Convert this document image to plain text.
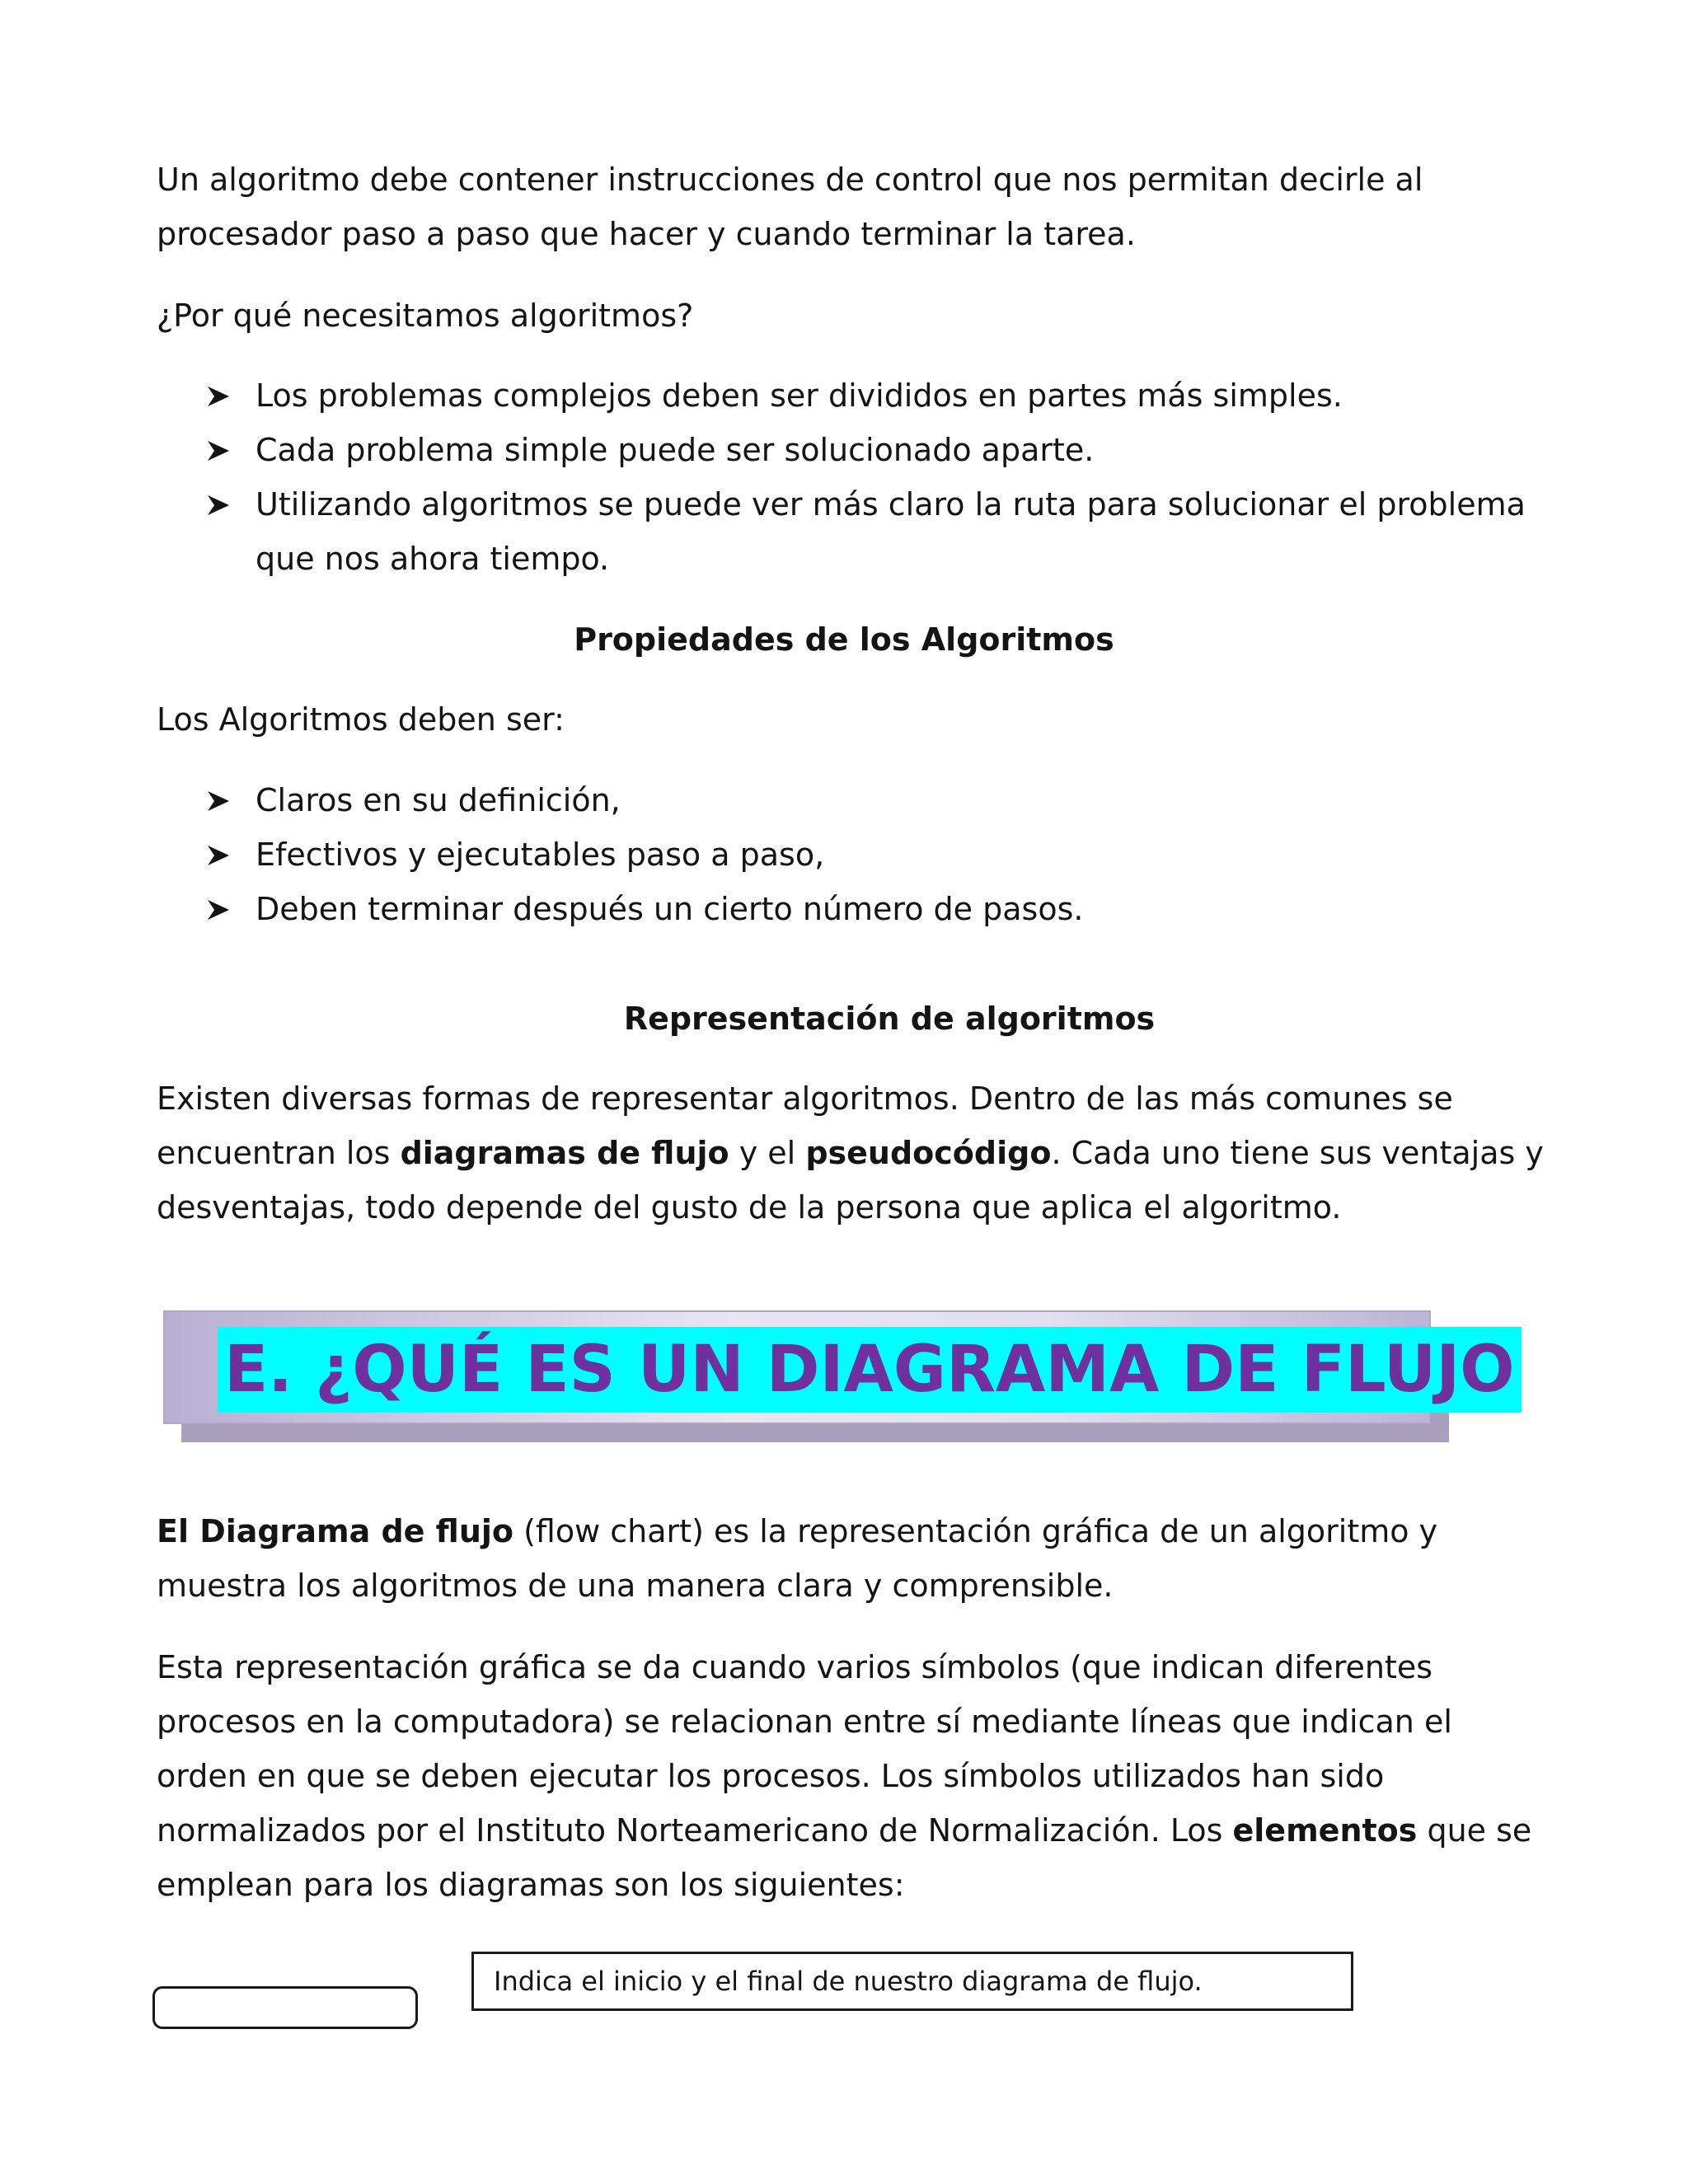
Un algoritmo debe contener instrucciones de control que nos permitan decirle al
procesador paso a paso que hacer y cuando terminar la tarea.

¿Por qué necesitamos algoritmos?

Los problemas complejos deben ser divididos en partes más simples.
Cada problema simple puede ser solucionado aparte.
Utilizando algoritmos se puede ver más claro la ruta para solucionar el problema
que nos ahora tiempo.

Propiedades de los Algoritmos

Los Algoritmos deben ser:

Claros en su definición,
Efectivos y ejecutables paso a paso,
Deben terminar después un cierto número de pasos.

Representación de algoritmos

Existen diversas formas de representar algoritmos. Dentro de las más comunes se
encuentran los diagramas de flujo y el pseudocódigo. Cada uno tiene sus ventajas y
desventajas, todo depende del gusto de la persona que aplica el algoritmo.

E. ¿QUÉ ES UN DIAGRAMA DE FLUJO

El Diagrama de flujo (flow chart) es la representación gráfica de un algoritmo y
muestra los algoritmos de una manera clara y comprensible.

Esta representación gráfica se da cuando varios símbolos (que indican diferentes
procesos en la computadora) se relacionan entre sí mediante líneas que indican el
orden en que se deben ejecutar los procesos. Los símbolos utilizados han sido
normalizados por el Instituto Norteamericano de Normalización. Los elementos que se
emplean para los diagramas son los siguientes:

Indica el inicio y el final de nuestro diagrama de flujo.
